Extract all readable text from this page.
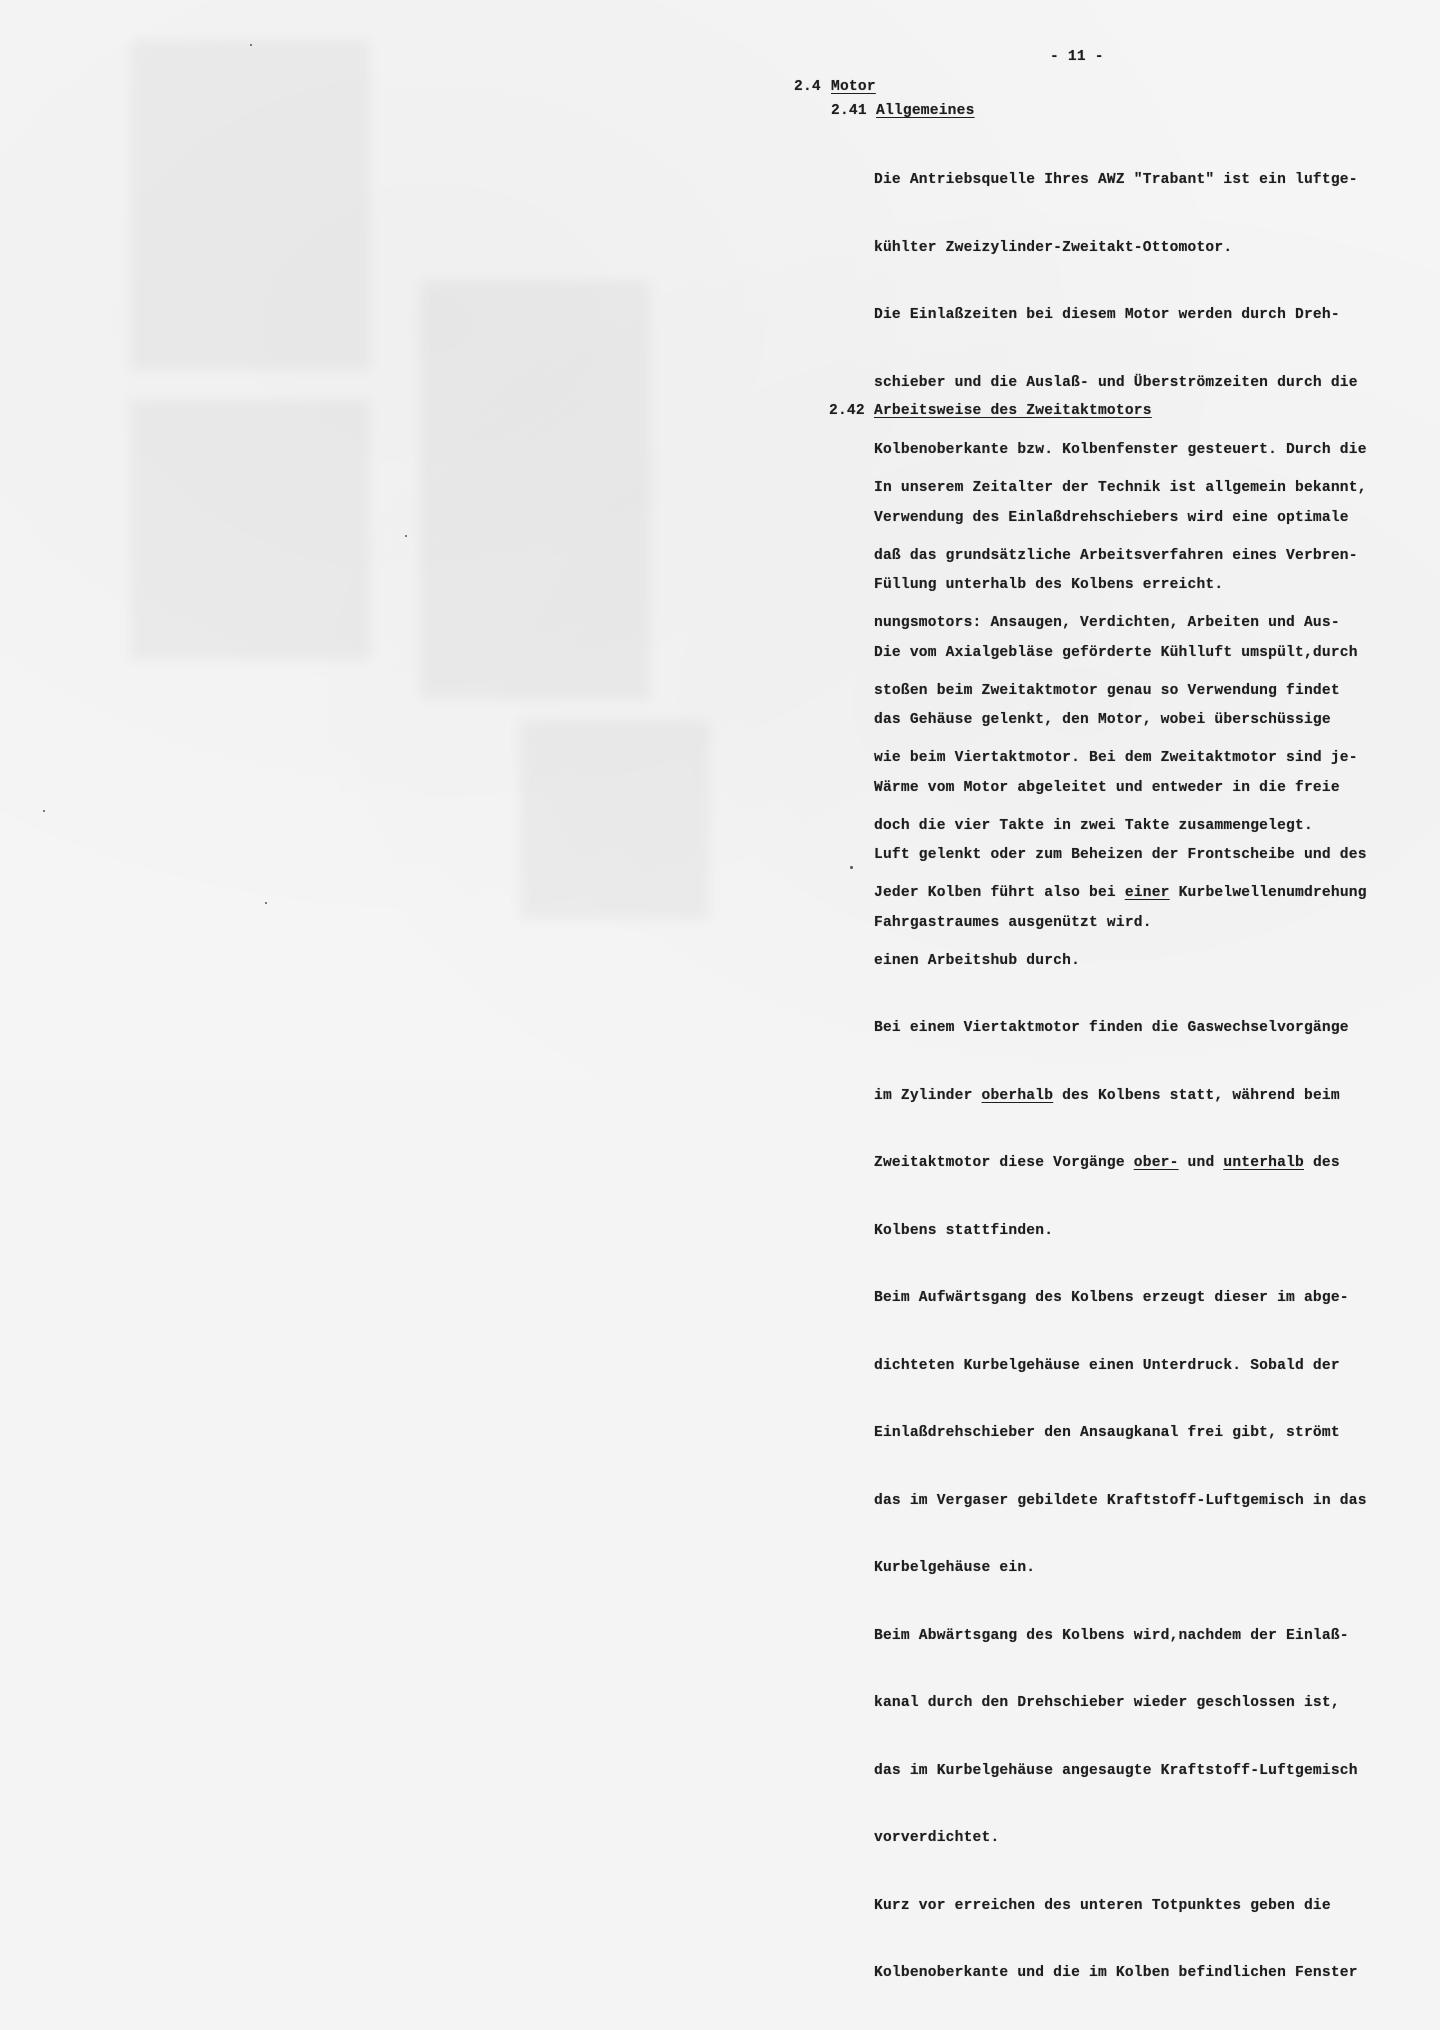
- 11 -
2.4 Motor
2.41 Allgemeines

Die Antriebsquelle Ihres AWZ "Trabant" ist ein luftge-

kühlter Zweizylinder-Zweitakt-Ottomotor.

Die Einlaßzeiten bei diesem Motor werden durch Dreh-

schieber und die Auslaß- und Überströmzeiten durch die

Kolbenoberkante bzw. Kolbenfenster gesteuert. Durch die

Verwendung des Einlaßdrehschiebers wird eine optimale

Füllung unterhalb des Kolbens erreicht.

Die vom Axialgebläse geförderte Kühlluft umspült,durch

das Gehäuse gelenkt, den Motor, wobei überschüssige

Wärme vom Motor abgeleitet und entweder in die freie

Luft gelenkt oder zum Beheizen der Frontscheibe und des

Fahrgastraumes ausgenützt wird.

2.42 Arbeitsweise des Zweitaktmotors

In unserem Zeitalter der Technik ist allgemein bekannt,

daß das grundsätzliche Arbeitsverfahren eines Verbren-

nungsmotors: Ansaugen, Verdichten, Arbeiten und Aus-

stoßen beim Zweitaktmotor genau so Verwendung findet

wie beim Viertaktmotor. Bei dem Zweitaktmotor sind je-

doch die vier Takte in zwei Takte zusammengelegt.

Jeder Kolben führt also bei einer Kurbelwellenumdrehung

einen Arbeitshub durch.

Bei einem Viertaktmotor finden die Gaswechselvorgänge

im Zylinder oberhalb des Kolbens statt, während beim

Zweitaktmotor diese Vorgänge ober- und unterhalb des

Kolbens stattfinden.

Beim Aufwärtsgang des Kolbens erzeugt dieser im abge-

dichteten Kurbelgehäuse einen Unterdruck. Sobald der

Einlaßdrehschieber den Ansaugkanal frei gibt, strömt

das im Vergaser gebildete Kraftstoff-Luftgemisch in das

Kurbelgehäuse ein.

Beim Abwärtsgang des Kolbens wird,nachdem der Einlaß-

kanal durch den Drehschieber wieder geschlossen ist,

das im Kurbelgehäuse angesaugte Kraftstoff-Luftgemisch

vorverdichtet.

Kurz vor erreichen des unteren Totpunktes geben die

Kolbenoberkante und die im Kolben befindlichen Fenster
